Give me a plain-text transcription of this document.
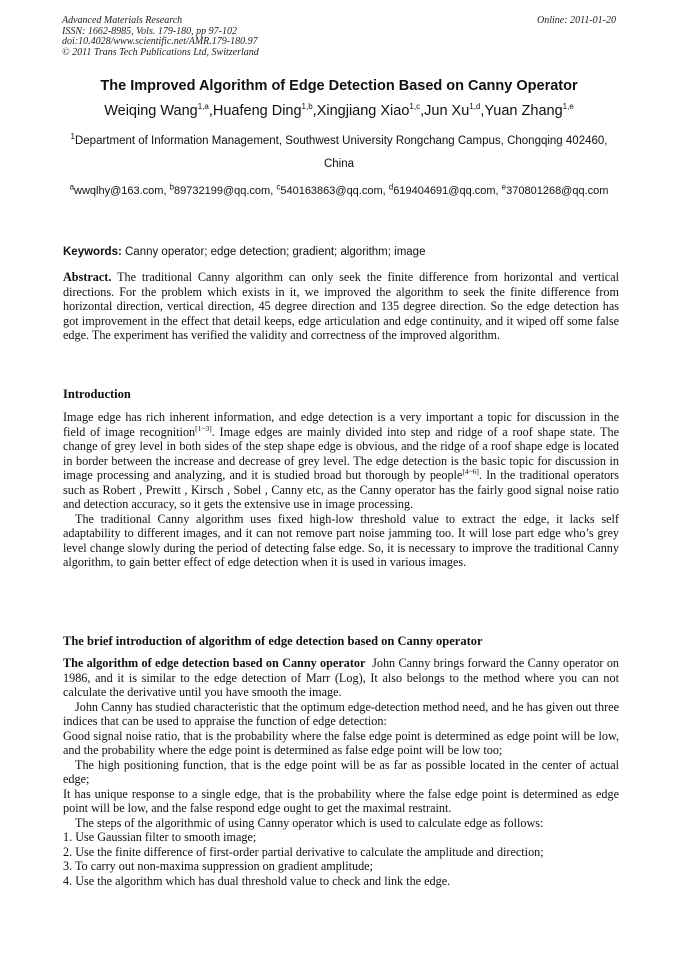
Advanced Materials Research
ISSN: 1662-8985, Vols. 179-180, pp 97-102
doi:10.4028/www.scientific.net/AMR.179-180.97
© 2011 Trans Tech Publications Ltd, Switzerland
Online: 2011-01-20
The Improved Algorithm of Edge Detection Based on Canny Operator
Weiqing Wang$^{1,a}$,Huafeng Ding$^{1,b}$,Xingjiang Xiao$^{1,c}$,Jun Xu$^{1,d}$,Yuan Zhang$^{1,e}$
$^1$Department of Information Management, Southwest University Rongchang Campus, Chongqing 402460, China
$^a$wwqlhy@163.com, $^b$89732199@qq.com, $^c$540163863@qq.com, $^d$619404691@qq.com, $^e$370801268@qq.com
Keywords: Canny operator; edge detection; gradient; algorithm; image

Abstract. The traditional Canny algorithm can only seek the finite difference from horizontal and vertical directions. For the problem which exists in it, we improved the algorithm to seek the finite difference from horizontal direction, vertical direction, 45 degree direction and 135 degree direction. So the edge detection has got improvement in the effect that detail keeps, edge articulation and edge continuity, and it wiped off some false edge. The experiment has verified the validity and correctness of the improved algorithm.

Introduction

Image edge has rich inherent information, and edge detection is a very important a topic for discussion in the field of image recognition[1~3]. Image edges are mainly divided into step and ridge of a roof shape state. The change of grey level in both sides of the step shape edge is obvious, and the ridge of a roof shape edge is located in border between the increase and decrease of grey level. The edge detection is the basic topic for discussion in image processing and analyzing, and it is studied broad but thorough by people[4~6]. In the traditional operators such as Robert , Prewitt , Kirsch , Sobel , Canny etc, as the Canny operator has the fairly good signal noise ratio and detection accuracy, so it gets the extensive use in image processing.

The traditional Canny algorithm uses fixed high-low threshold value to extract the edge, it lacks self adaptability to different images, and it can not remove part noise jamming too. It will lose part edge who’s grey level change slowly during the period of detecting false edge. So, it is necessary to improve the traditional Canny algorithm, to gain better effect of edge detection when it is used in various images.

The brief introduction of algorithm of edge detection based on Canny operator

The algorithm of edge detection based on Canny operator John Canny brings forward the Canny operator on 1986, and it is similar to the edge detection of Marr (Log), It also belongs to the method where you can not calculate the derivative until you have smooth the image.

John Canny has studied characteristic that the optimum edge-detection method need, and he has given out three indices that can be used to appraise the function of edge detection:

Good signal noise ratio, that is the probability where the false edge point is determined as edge point will be low, and the probability where the edge point is determined as false edge point will be low too;

The high positioning function, that is the edge point will be as far as possible located in the center of actual edge;

It has unique response to a single edge, that is the probability where the false edge point is determined as edge point will be low, and the false respond edge ought to get the maximal restraint.

The steps of the algorithmic of using Canny operator which is used to calculate edge as follows:

1. Use Gaussian filter to smooth image;
2. Use the finite difference of first-order partial derivative to calculate the amplitude and direction;
3. To carry out non-maxima suppression on gradient amplitude;
4. Use the algorithm which has dual threshold value to check and link the edge.
